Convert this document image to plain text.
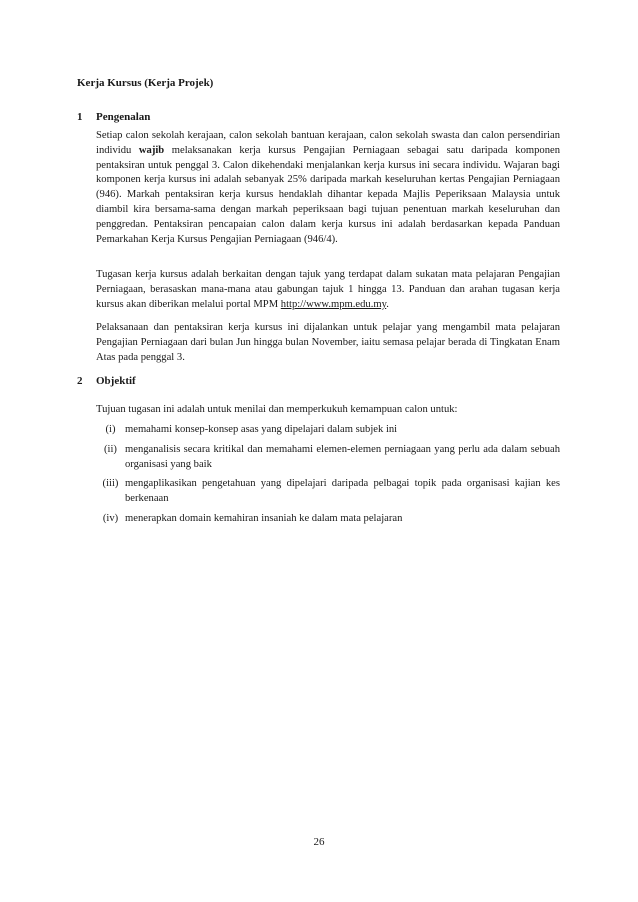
Kerja Kursus (Kerja Projek)
1 Pengenalan
Setiap calon sekolah kerajaan, calon sekolah bantuan kerajaan, calon sekolah swasta dan calon persendirian individu wajib melaksanakan kerja kursus Pengajian Perniagaan sebagai satu daripada komponen pentaksiran untuk penggal 3. Calon dikehendaki menjalankan kerja kursus ini secara individu. Wajaran bagi komponen kerja kursus ini adalah sebanyak 25% daripada markah keseluruhan kertas Pengajian Perniagaan (946). Markah pentaksiran kerja kursus hendaklah dihantar kepada Majlis Peperiksaan Malaysia untuk diambil kira bersama-sama dengan markah peperiksaan bagi tujuan penentuan markah keseluruhan dan penggredan. Pentaksiran pencapaian calon dalam kerja kursus ini adalah berdasarkan kepada Panduan Pemarkahan Kerja Kursus Pengajian Perniagaan (946/4).
Tugasan kerja kursus adalah berkaitan dengan tajuk yang terdapat dalam sukatan mata pelajaran Pengajian Perniagaan, berasaskan mana-mana atau gabungan tajuk 1 hingga 13. Panduan dan arahan tugasan kerja kursus akan diberikan melalui portal MPM http://www.mpm.edu.my.
Pelaksanaan dan pentaksiran kerja kursus ini dijalankan untuk pelajar yang mengambil mata pelajaran Pengajian Perniagaan dari bulan Jun hingga bulan November, iaitu semasa pelajar berada di Tingkatan Enam Atas pada penggal 3.
2 Objektif
Tujuan tugasan ini adalah untuk menilai dan memperkukuh kemampuan calon untuk:
(i) memahami konsep-konsep asas yang dipelajari dalam subjek ini
(ii) menganalisis secara kritikal dan memahami elemen-elemen perniagaan yang perlu ada dalam sebuah organisasi yang baik
(iii) mengaplikasikan pengetahuan yang dipelajari daripada pelbagai topik pada organisasi kajian kes berkenaan
(iv) menerapkan domain kemahiran insaniah ke dalam mata pelajaran
26
